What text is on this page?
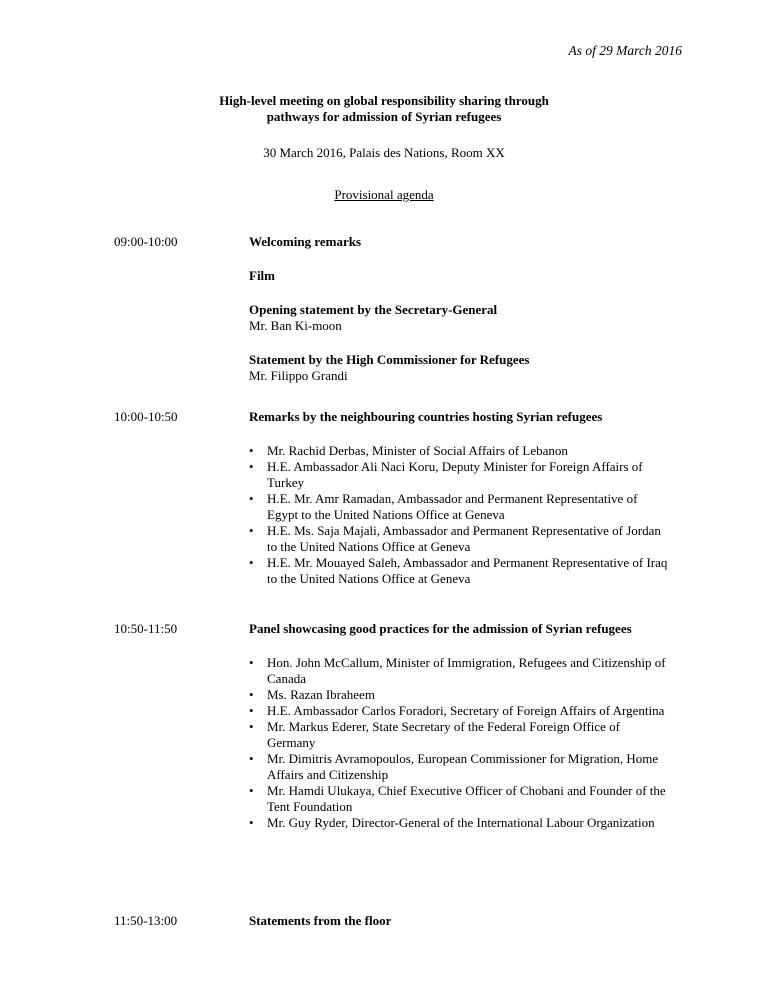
As of 29 March 2016
High-level meeting on global responsibility sharing through
pathways for admission of Syrian refugees
30 March 2016, Palais des Nations, Room XX
Provisional agenda
09:00-10:00	Welcoming remarks
Film
Opening statement by the Secretary-General
Mr. Ban Ki-moon
Statement by the High Commissioner for Refugees
Mr. Filippo Grandi
10:00-10:50	Remarks by the neighbouring countries hosting Syrian refugees
• Mr. Rachid Derbas, Minister of Social Affairs of Lebanon
• H.E. Ambassador Ali Naci Koru, Deputy Minister for Foreign Affairs of Turkey
• H.E. Mr. Amr Ramadan, Ambassador and Permanent Representative of Egypt to the United Nations Office at Geneva
• H.E. Ms. Saja Majali, Ambassador and Permanent Representative of Jordan to the United Nations Office at Geneva
• H.E. Mr. Mouayed Saleh, Ambassador and Permanent Representative of Iraq to the United Nations Office at Geneva
10:50-11:50	Panel showcasing good practices for the admission of Syrian refugees
• Hon. John McCallum, Minister of Immigration, Refugees and Citizenship of Canada
• Ms. Razan Ibraheem
• H.E. Ambassador Carlos Foradori, Secretary of Foreign Affairs of Argentina
• Mr. Markus Ederer, State Secretary of the Federal Foreign Office of Germany
• Mr. Dimitris Avramopoulos, European Commissioner for Migration, Home Affairs and Citizenship
• Mr. Hamdi Ulukaya, Chief Executive Officer of Chobani and Founder of the Tent Foundation
• Mr. Guy Ryder, Director-General of the International Labour Organization
11:50-13:00	Statements from the floor
